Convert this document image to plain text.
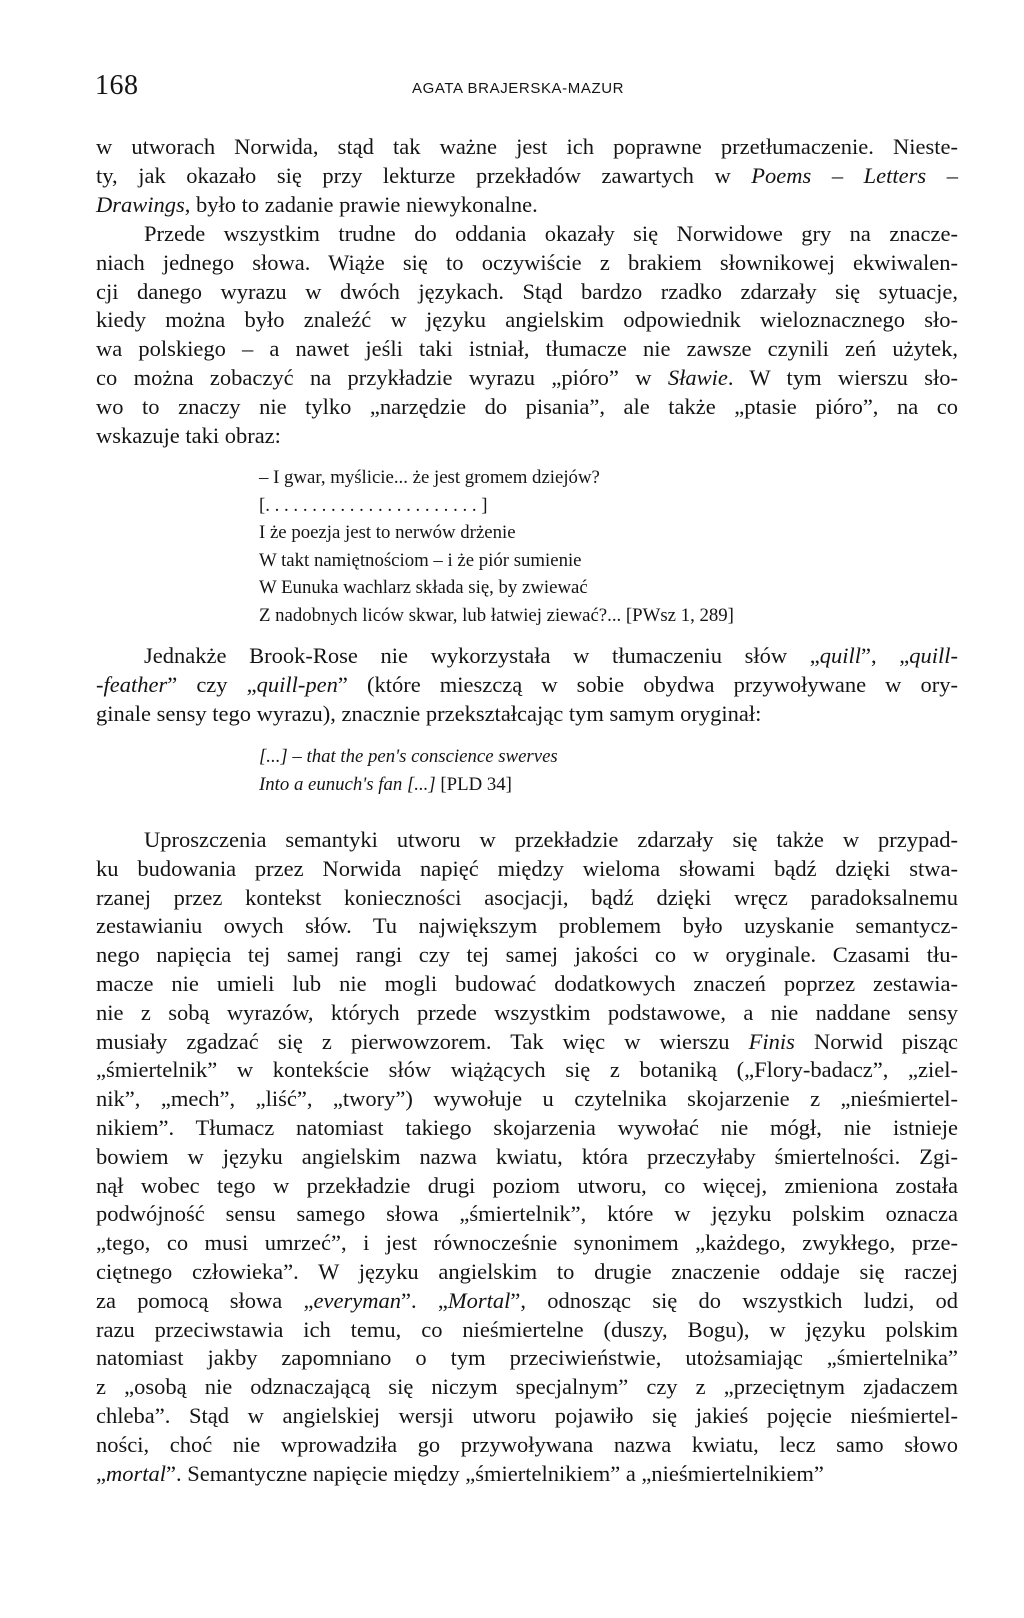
168	AGATA BRAJERSKA-MAZUR
w utworach Norwida, stąd tak ważne jest ich poprawne przetłumaczenie. Nieste-
ty, jak okazało się przy lekturze przekładów zawartych w Poems – Letters –
Drawings, było to zadanie prawie niewykonalne.
Przede wszystkim trudne do oddania okazały się Norwidowe gry na znacze-
niach jednego słowa. Wiąże się to oczywiście z brakiem słownikowej ekwiwalen-
cji danego wyrazu w dwóch językach. Stąd bardzo rzadko zdarzały się sytuacje,
kiedy można było znaleźć w języku angielskim odpowiednik wieloznacznego sło-
wa polskiego – a nawet jeśli taki istniał, tłumacze nie zawsze czynili zeń użytek,
co można zobaczyć na przykładzie wyrazu „pióro” w Sławie. W tym wierszu sło-
wo to znaczy nie tylko „narzędzie do pisania”, ale także „ptasie pióro”, na co
wskazuje taki obraz:
– I gwar, myślicie... że jest gromem dziejów?
[. . . . . . . . . . . . . . . . . . . . . . . ]
I że poezja jest to nerwów drżenie
W takt namiętnościom – i że piór sumienie
W Eunuka wachlarz składa się, by zwiewać
Z nadobnych liców skwar, lub łatwiej ziewać?... [PWsz 1, 289]
Jednakże Brook-Rose nie wykorzystała w tłumaczeniu słów „quill”, „quill-
-feather” czy „quill-pen” (które mieszczą w sobie obydwa przywoływane w ory-
ginale sensy tego wyrazu), znacznie przekształcając tym samym oryginał:
[...] – that the pen's conscience swerves
Into a eunuch's fan [...] [PLD 34]
Uproszczenia semantyki utworu w przekładzie zdarzały się także w przypad-
ku budowania przez Norwida napięć między wieloma słowami bądź dzięki stwa-
rzanej przez kontekst konieczności asocjacji, bądź dzięki wręcz paradoksalnemu
zestawianiu owych słów. Tu największym problemem było uzyskanie semantycz-
nego napięcia tej samej rangi czy tej samej jakości co w oryginale. Czasami tłu-
macze nie umieli lub nie mogli budować dodatkowych znaczeń poprzez zestawia-
nie z sobą wyrazów, których przede wszystkim podstawowe, a nie naddane sensy
musiały zgadzać się z pierwowzorem. Tak więc w wierszu Finis Norwid pisząc
„śmiertelnik” w kontekście słów wiążących się z botaniką („Flory-badacz”, „ziel-
nik”, „mech”, „liść”, „twory”) wywołuje u czytelnika skojarzenie z „nieśmiertel-
nikiem”. Tłumacz natomiast takiego skojarzenia wywołać nie mógł, nie istnieje
bowiem w języku angielskim nazwa kwiatu, która przeczyłaby śmiertelności. Zgi-
nął wobec tego w przekładzie drugi poziom utworu, co więcej, zmieniona została
podwójność sensu samego słowa „śmiertelnik”, które w języku polskim oznacza
„tego, co musi umrzeć”, i jest równocześnie synonimem „każdego, zwykłego, prze-
ciętnego człowieka”. W języku angielskim to drugie znaczenie oddaje się raczej
za pomocą słowa „everyman”. „Mortal”, odnosząc się do wszystkich ludzi, od
razu przeciwstawia ich temu, co nieśmiertelne (duszy, Bogu), w języku polskim
natomiast jakby zapomniano o tym przeciwieństwie, utożsamiając „śmiertelnika”
z „osobą nie odznaczającą się niczym specjalnym” czy z „przeciętnym zjadaczem
chleba”. Stąd w angielskiej wersji utworu pojawiło się jakieś pojęcie nieśmiertel-
ności, choć nie wprowadziła go przywoływana nazwa kwiatu, lecz samo słowo
„mortal”. Semantyczne napięcie między „śmiertelnikiem” a „nieśmiertelnikiem”
